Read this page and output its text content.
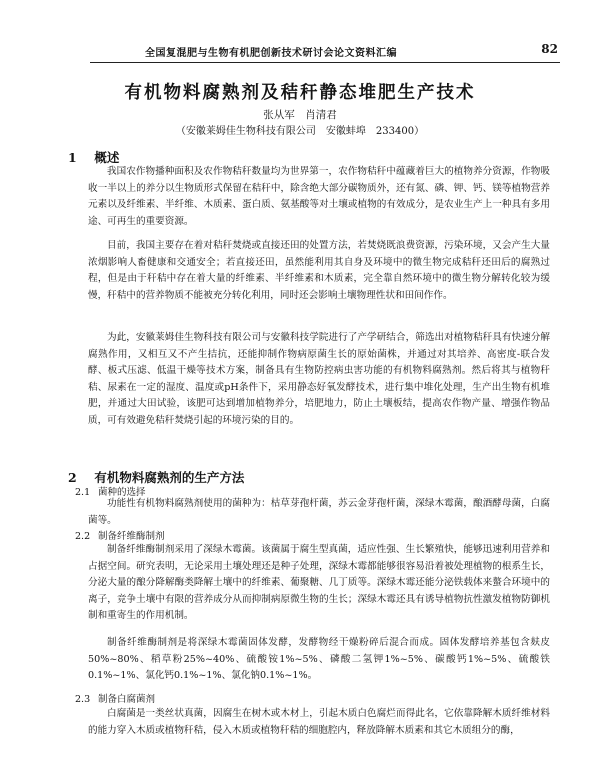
全国复混肥与生物有机肥创新技术研讨会论文资料汇编	82
有机物料腐熟剂及秸秆静态堆肥生产技术
张从军　肖清君
（安徽莱姆佳生物科技有限公司　安徽蚌埠　233400）
1 概述

我国农作物播种面积及农作物秸秆数量均为世界第一，农作物秸秆中蕴藏着巨大的植物养分资源，作物吸收一半以上的养分以生物质形式保留在秸秆中，除含绝大部分碳物质外，还有氮、磷、钾、钙、镁等植物营养元素以及纤维素、半纤维、木质素、蛋白质、氨基酸等对土壤或植物的有效成分，是农业生产上一种具有多用途、可再生的重要资源。

目前，我国主要存在着对秸秆焚烧或直接还田的处置方法，若焚烧既浪费资源，污染环境，又会产生大量浓烟影响人畜健康和交通安全；若直接还田，虽然能利用其自身及环境中的微生物完成秸秆还田后的腐熟过程，但是由于秆秸中存在着大量的纤维素、半纤维素和木质素，完全靠自然环境中的微生物分解转化较为缓慢，秆秸中的营养物质不能被充分转化利用，同时还会影响土壤物理性状和田间作作。

为此，安徽莱姆佳生物科技有限公司与安徽科技学院进行了产学研结合，筛选出对植物秸秆具有快速分解腐熟作用，又相互又不产生拮抗，还能抑制作物病原菌生长的原始菌株，并通过对其培养、高密度-联合发酵、板式压滤、低温干燥等技术方案，制备具有生物防控病虫害功能的有机物料腐熟剂。然后将其与植物秆秸、尿素在一定的湿度、温度或pH条件下，采用静态好氧发酵技术，进行集中堆化处理，生产出生物有机堆肥，并通过大田试验，该肥可达到增加植物养分，培肥地力，防止土壤板结，提高农作物产量、增强作物品质，可有效避免秸秆焚烧引起的环境污染的目的。

2 有机物料腐熟剂的生产方法
2.1 菌种的选择

功能性有机物料腐熟剂使用的菌种为：枯草芽孢杆菌，苏云金芽孢杆菌，深绿木霉菌，酿酒酵母菌，白腐菌等。

2.2 制备纤维酶制剂

制备纤维酶制剂采用了深绿木霉菌。该菌属于腐生型真菌，适应性强、生长繁殖快，能够迅速利用营养和占据空间。研究表明，无论采用土壤处理还是种子处理，深绿木霉都能够很容易沿着被处理植物的根系生长，分泌大量的酿分降解酶类降解土壤中的纤维素、葡聚糖、几丁质等。深绿木霉还能分泌铁载体来螯合环境中的离子，竞争土壤中有限的营养成分从而抑制病原微生物的生长；深绿木霉还具有诱导植物抗性激发植物防御机制和重寄生的作用机制。

制备纤维酶制剂是将深绿木霉菌固体发酵，发酵物经干燥粉碎后混合而成。固体发酵培养基包含麸皮50%~80%、稻草粉25%~40%、硫酸铵1%~5%、磷酸二氢钾1%~5%、碳酸钙1%~5%、硫酸铁0.1%~1%、氯化钙0.1%~1%、氯化钠0.1%~1%。

2.3 制备白腐菌剂

白腐菌是一类丝状真菌，因腐生在树木或木材上，引起木质白色腐烂而得此名，它依靠降解木质纤维材料的能力穿入木质或植物秆秸，侵入木质或植物秆秸的细胞腔内，释放降解木质素和其它木质组分的酶，
